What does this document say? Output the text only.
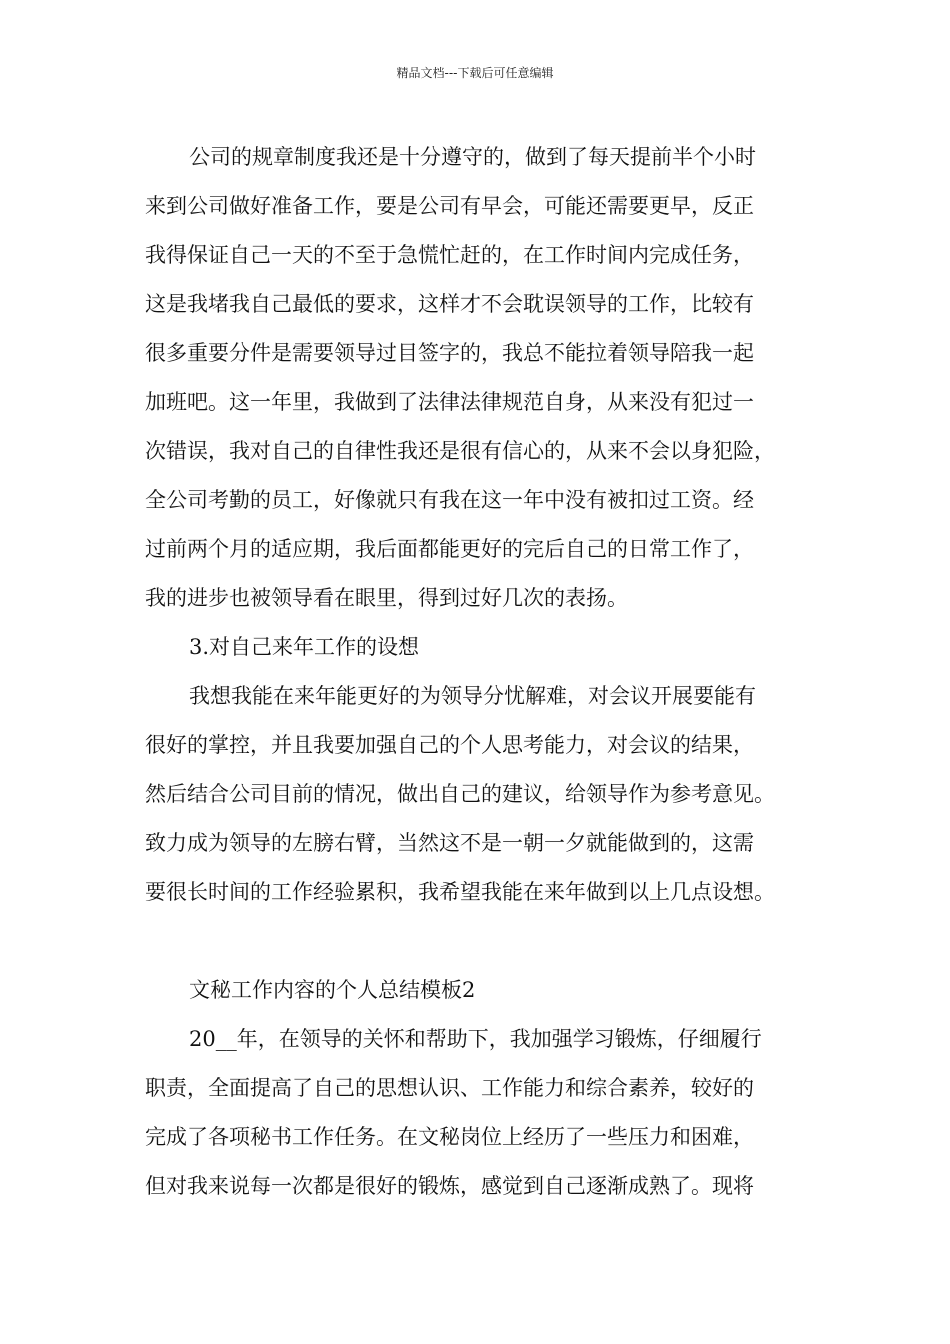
精品文档---下载后可任意编辑
公司的规章制度我还是十分遵守的，做到了每天提前半个小时
来到公司做好准备工作，要是公司有早会，可能还需要更早，反正
我得保证自己一天的不至于急慌忙赶的，在工作时间内完成任务，
这是我堵我自己最低的要求，这样才不会耽误领导的工作，比较有
很多重要分件是需要领导过目签字的，我总不能拉着领导陪我一起
加班吧。这一年里，我做到了法律法律规范自身，从来没有犯过一
次错误，我对自己的自律性我还是很有信心的，从来不会以身犯险，
全公司考勤的员工，好像就只有我在这一年中没有被扣过工资。经
过前两个月的适应期，我后面都能更好的完后自己的日常工作了，
我的进步也被领导看在眼里，得到过好几次的表扬。
3.对自己来年工作的设想
我想我能在来年能更好的为领导分忧解难，对会议开展要能有
很好的掌控，并且我要加强自己的个人思考能力，对会议的结果，
然后结合公司目前的情况，做出自己的建议，给领导作为参考意见。
致力成为领导的左膀右臂，当然这不是一朝一夕就能做到的，这需
要很长时间的工作经验累积，我希望我能在来年做到以上几点设想。
文秘工作内容的个人总结模板2
20__年，在领导的关怀和帮助下，我加强学习锻炼，仔细履行
职责，全面提高了自己的思想认识、工作能力和综合素养，较好的
完成了各项秘书工作任务。在文秘岗位上经历了一些压力和困难，
但对我来说每一次都是很好的锻炼，感觉到自己逐渐成熟了。现将
